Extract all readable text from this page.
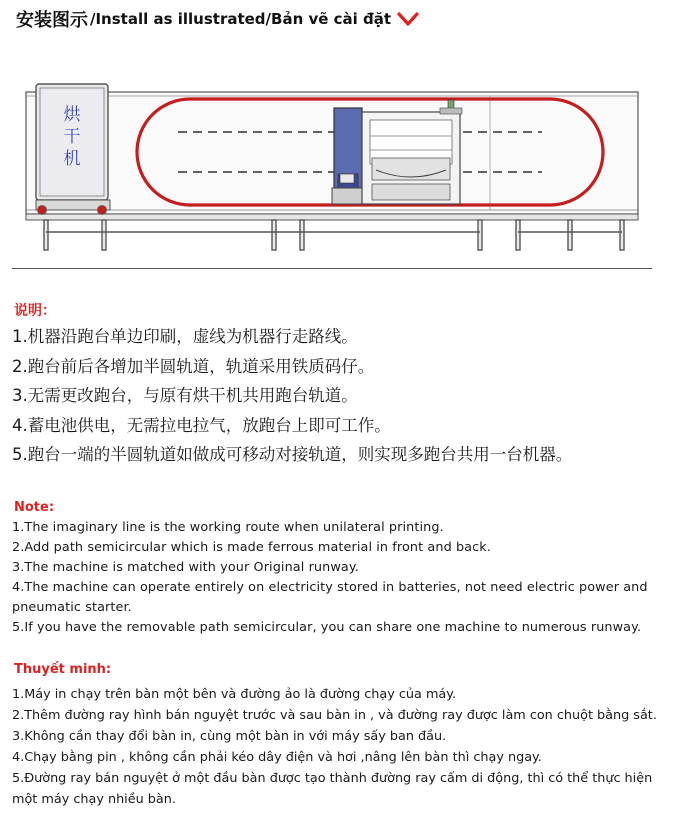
安装图示 /Install as illustrated/Bản vẽ cài đặt
烘
干
机
说明：
1.机器沿跑台单边印刷，虚线为机器行走路线。
2.跑台前后各增加半圆轨道，轨道采用铁质码仔。
3.无需更改跑台，与原有烘干机共用跑台轨道。
4.蓄电池供电，无需拉电拉气，放跑台上即可工作。
5.跑台一端的半圆轨道如做成可移动对接轨道，则实现多跑台共用一台机器。
Note:
1.The imaginary line is the working route when unilateral printing.
2.Add path semicircular which is made ferrous material in front and back.
3.The machine is matched with your Original runway.
4.The machine can operate entirely on electricity stored in batteries, not need electric power and pneumatic starter.
5.If you have the removable path semicircular, you can share one machine to numerous runway.
Thuyết minh:
1.Máy in chạy trên bàn một bên và đường ảo là đường chạy của máy.
2.Thêm đường ray hình bán nguyệt trước và sau bàn in , và đường ray được làm con chuột bằng sắt.
3.Không cần thay đổi bàn in, cùng một bàn in với máy sấy ban đầu.
4.Chạy bằng pin , không cần phải kéo dây điện và hơi ,nâng lên bàn thì chạy ngay.
5.Đường ray bán nguyệt ở một đầu bàn được tạo thành đường ray cấm di động, thì có thể thực hiện một máy chạy nhiều bàn.
